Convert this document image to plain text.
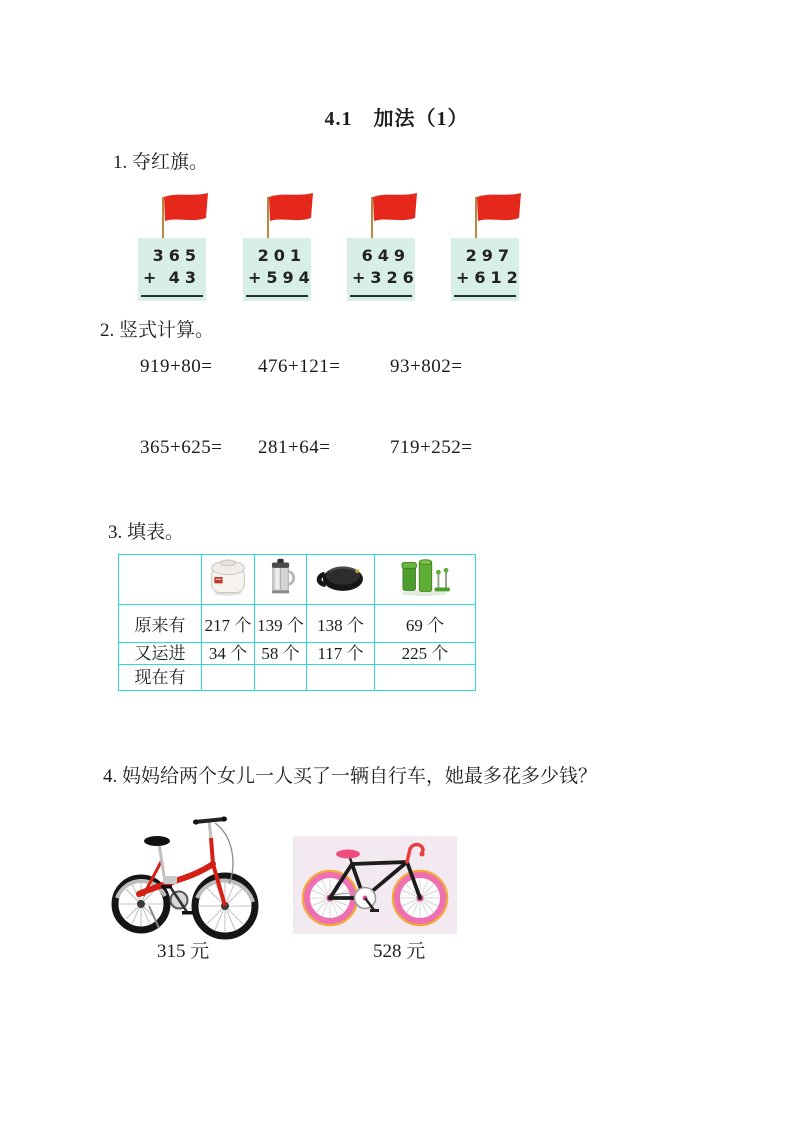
4.1　加法（1）
1. 夺红旗。
365
+ 43
201
+ 594
649
+ 326
297
+ 612
2. 竖式计算。
919+80= 476+121=	93+802=
365+625= 281+64=	719+252=
3. 填表。

原来有	217 个	139 个	138 个	69 个
又运进	34 个	58 个	117 个	225 个
现在有				
4. 妈妈给两个女儿一人买了一辆自行车，她最多花多少钱？
315 元	528 元
